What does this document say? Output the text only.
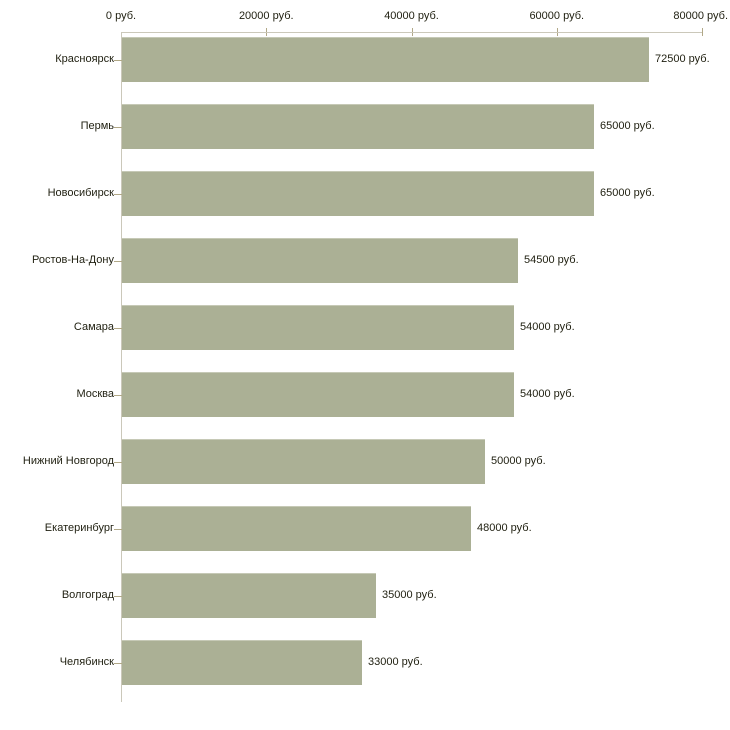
0 руб.	20000 руб.	40000 руб.	60000 руб.	80000 руб.
Красноярск	72500 руб.
Пермь	65000 руб.
Новосибирск	65000 руб.
Ростов-На-Дону	54500 руб.
Самара	54000 руб.
Москва	54000 руб.
Нижний Новгород	50000 руб.
Екатеринбург	48000 руб.
Волгоград	35000 руб.
Челябинск	33000 руб.
